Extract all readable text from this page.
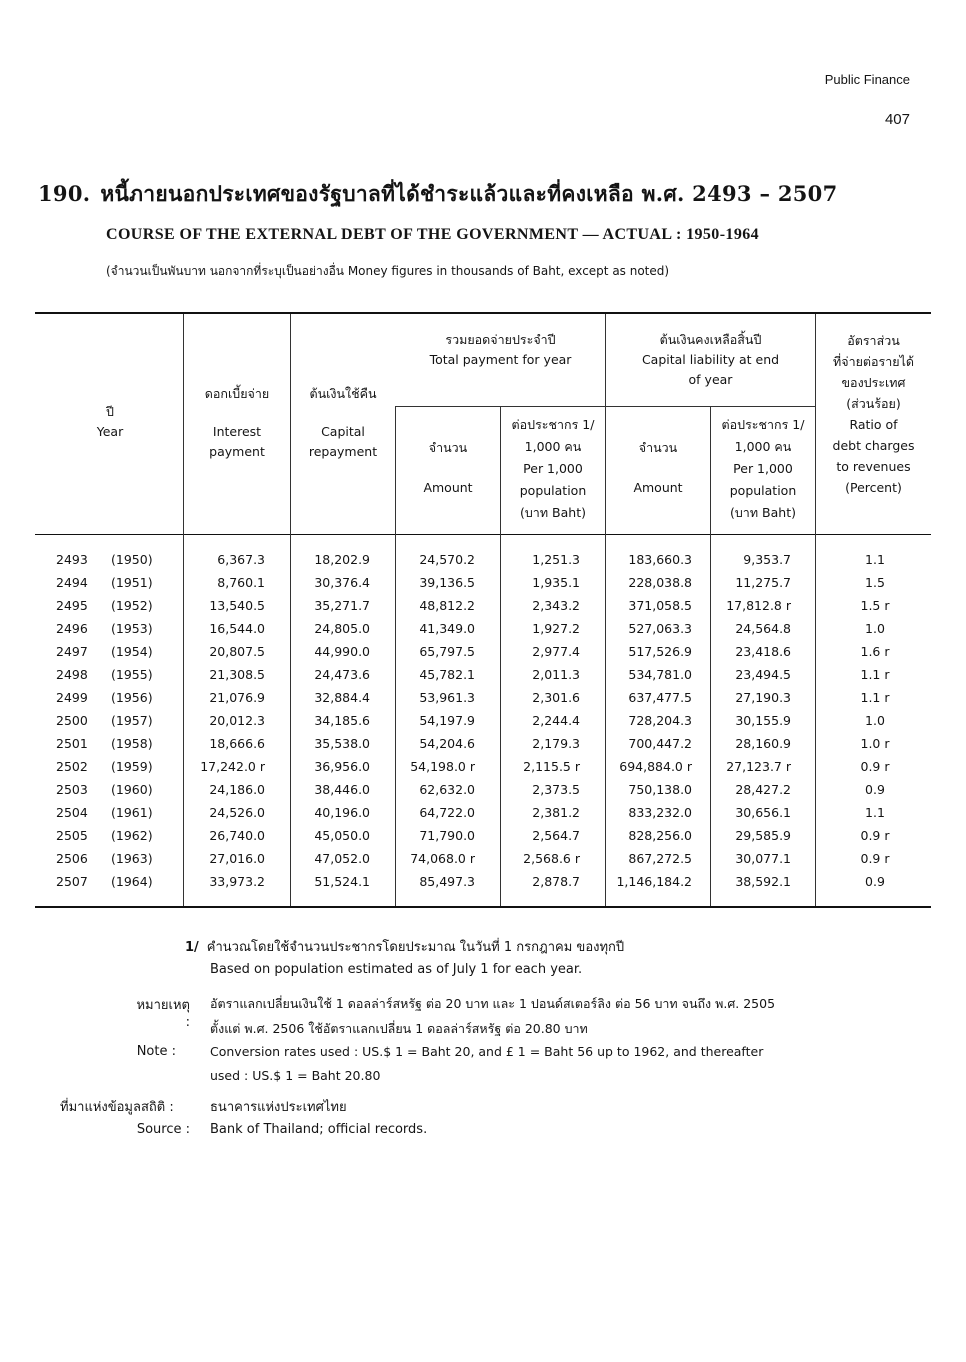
Public Finance
407
190. หนี้ภายนอกประเทศของรัฐบาลที่ได้ชำระแล้วและที่คงเหลือ พ.ศ. 2493 – 2507
COURSE OF THE EXTERNAL DEBT OF THE GOVERNMENT — ACTUAL : 1950-1964
(จำนวนเป็นพันบาท นอกจากที่ระบุเป็นอย่างอื่น Money figures in thousands of Baht, except as noted)
ปี
Year
ดอกเบี้ยจ่าย
Interest
payment
ต้นเงินใช้คืน
Capital
repayment
รวมยอดจ่ายประจำปี
Total payment for year
จำนวน
Amount
ต่อประชากร 1/
1,000 คน
Per 1,000
population
(บาท Baht)
ต้นเงินคงเหลือสิ้นปี
Capital liability at end
of year
จำนวน
Amount
ต่อประชากร 1/
1,000 คน
Per 1,000
population
(บาท Baht)
อัตราส่วน
ที่จ่ายต่อรายได้
ของประเทศ
(ส่วนร้อย)
Ratio of
debt charges
to revenues
(Percent)
2493	(1950)	6,367.3	18,202.9	24,570.2	1,251.3	183,660.3	9,353.7	1.1
2494	(1951)	8,760.1	30,376.4	39,136.5	1,935.1	228,038.8	11,275.7	1.5
2495	(1952)	13,540.5	35,271.7	48,812.2	2,343.2	371,058.5	17,812.8 r	1.5 r
2496	(1953)	16,544.0	24,805.0	41,349.0	1,927.2	527,063.3	24,564.8	1.0
2497	(1954)	20,807.5	44,990.0	65,797.5	2,977.4	517,526.9	23,418.6	1.6 r
2498	(1955)	21,308.5	24,473.6	45,782.1	2,011.3	534,781.0	23,494.5	1.1 r
2499	(1956)	21,076.9	32,884.4	53,961.3	2,301.6	637,477.5	27,190.3	1.1 r
2500	(1957)	20,012.3	34,185.6	54,197.9	2,244.4	728,204.3	30,155.9	1.0
2501	(1958)	18,666.6	35,538.0	54,204.6	2,179.3	700,447.2	28,160.9	1.0 r
2502	(1959)	17,242.0 r	36,956.0	54,198.0 r	2,115.5 r	694,884.0 r	27,123.7 r	0.9 r
2503	(1960)	24,186.0	38,446.0	62,632.0	2,373.5	750,138.0	28,427.2	0.9
2504	(1961)	24,526.0	40,196.0	64,722.0	2,381.2	833,232.0	30,656.1	1.1
2505	(1962)	26,740.0	45,050.0	71,790.0	2,564.7	828,256.0	29,585.9	0.9 r
2506	(1963)	27,016.0	47,052.0	74,068.0 r	2,568.6 r	867,272.5	30,077.1	0.9 r
2507	(1964)	33,973.2	51,524.1	85,497.3	2,878.7	1,146,184.2	38,592.1	0.9
1/ คำนวณโดยใช้จำนวนประชากรโดยประมาณ ในวันที่ 1 กรกฎาคม ของทุกปี
Based on population estimated as of July 1 for each year.
หมายเหตุ :
อัตราแลกเปลี่ยนเงินใช้ 1 ดอลล่าร์สหรัฐ ต่อ 20 บาท และ 1 ปอนด์สเตอร์ลิง ต่อ 56 บาท จนถึง พ.ศ. 2505
ตั้งแต่ พ.ศ. 2506 ใช้อัตราแลกเปลี่ยน 1 ดอลล่าร์สหรัฐ ต่อ 20.80 บาท
Note :	Conversion rates used : US.$ 1 = Baht 20, and £ 1 = Baht 56 up to 1962, and thereafter
used : US.$ 1 = Baht 20.80
ที่มาแห่งข้อมูลสถิติ :	ธนาคารแห่งประเทศไทย
Source : Bank of Thailand; official records.
